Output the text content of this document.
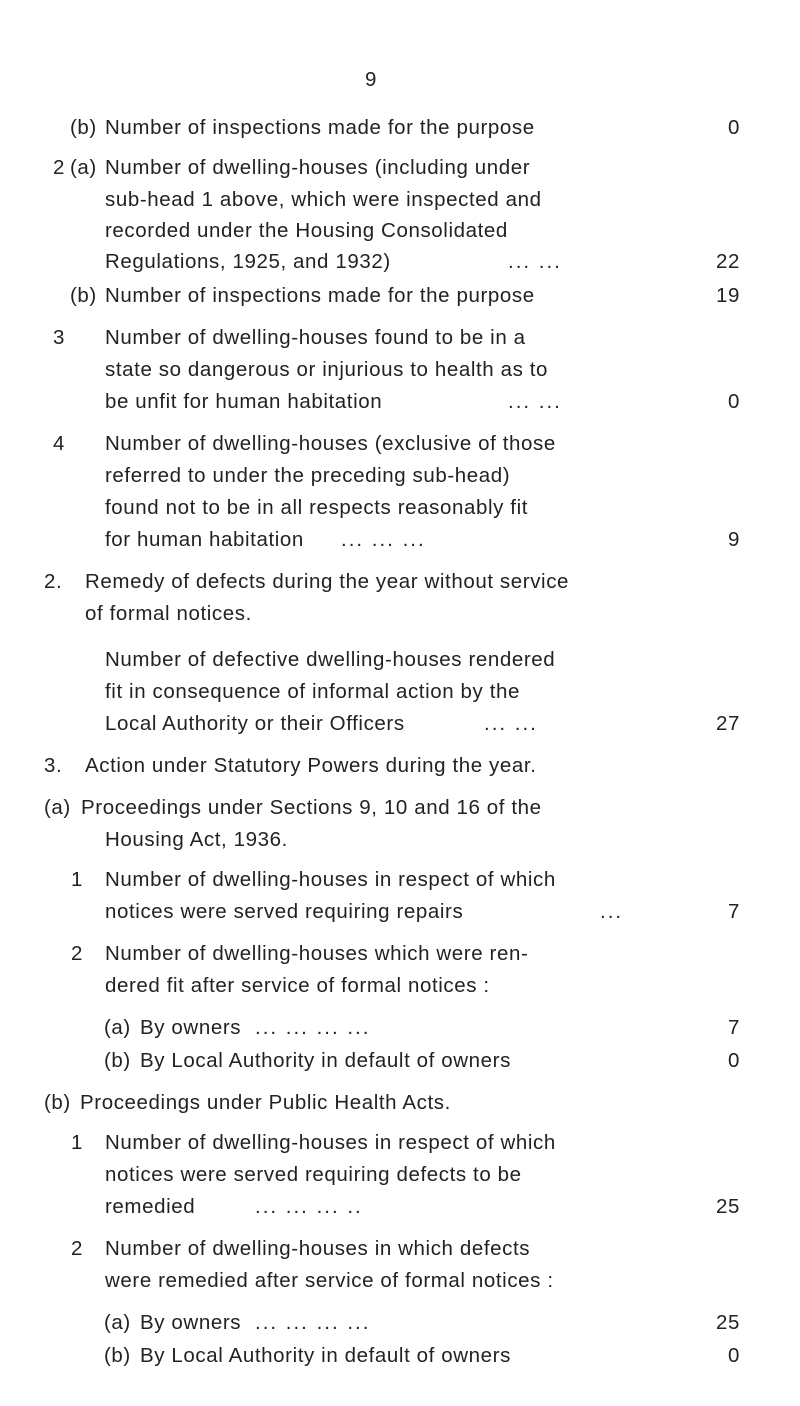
9
(b) Number of inspections made for the purpose	0
2 (a) Number of dwelling-houses (including under
sub-head 1 above, which were inspected and
recorded under the Housing Consolidated
Regulations, 1925, and 1932)	... ...	22
(b) Number of inspections made for the purpose	19
3 Number of dwelling-houses found to be in a
state so dangerous or injurious to health as to
be unfit for human habitation	... ...	0
4 Number of dwelling-houses (exclusive of those
referred to under the preceding sub-head)
found not to be in all respects reasonably fit
for human habitation ... ... ...	9
2. Remedy of defects during the year without service
of formal notices.
Number of defective dwelling-houses rendered
fit in consequence of informal action by the
Local Authority or their Officers	... ...	27
3. Action under Statutory Powers during the year.
(a) Proceedings under Sections 9, 10 and 16 of the
Housing Act, 1936.
1 Number of dwelling-houses in respect of which
notices were served requiring repairs	...	7
2 Number of dwelling-houses which were ren-
dered fit after service of formal notices :
(a) By owners ... ... ... ...	7
(b) By Local Authority in default of owners	0
(b) Proceedings under Public Health Acts.
1 Number of dwelling-houses in respect of which
notices were served requiring defects to be
remedied	... ... ... ..	25
2 Number of dwelling-houses in which defects
were remedied after service of formal notices :
(a) By owners ... ... ... ...	25
(b) By Local Authority in default of owners	0
